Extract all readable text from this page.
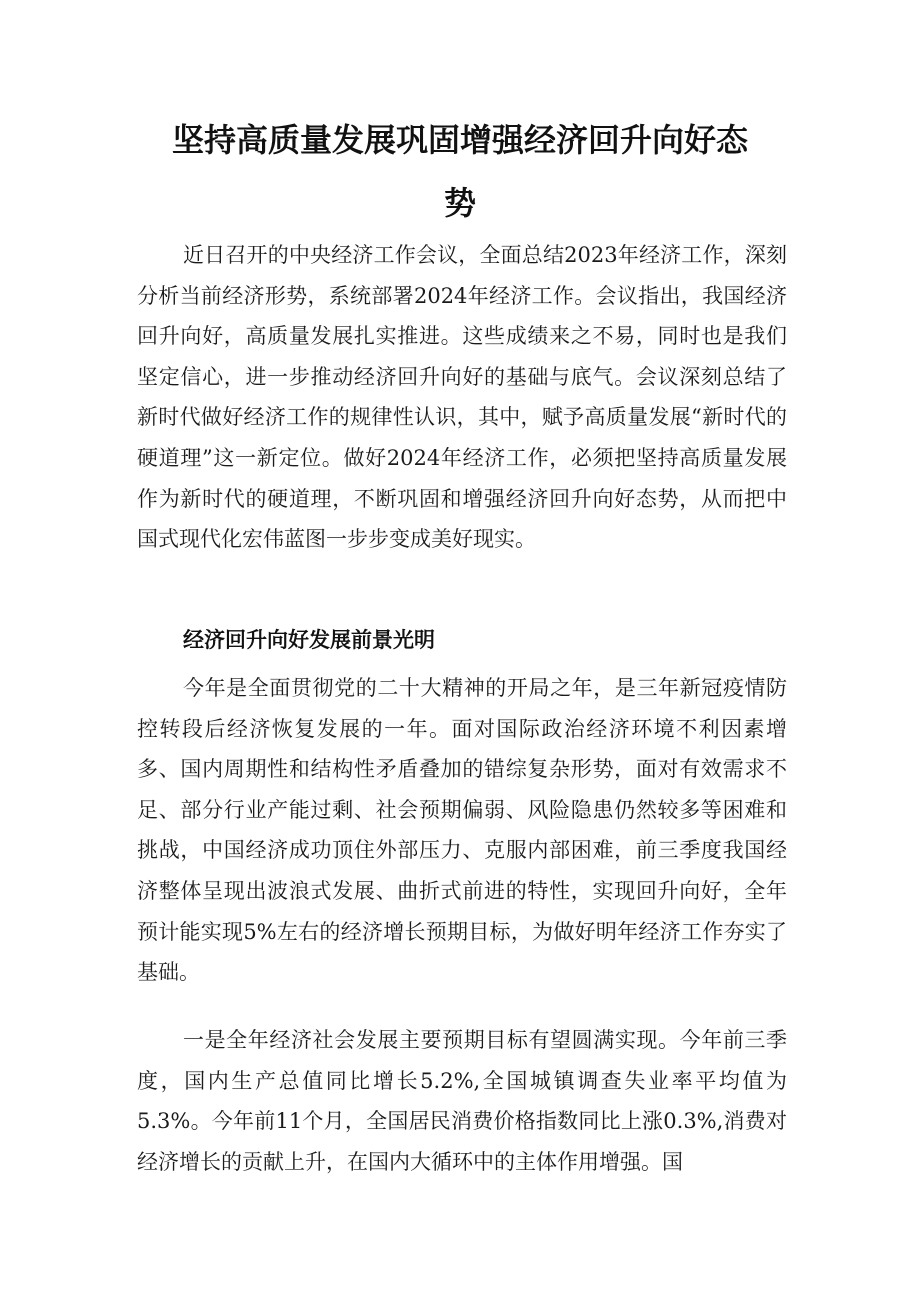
坚持高质量发展巩固增强经济回升向好态
势

近日召开的中央经济工作会议，全面总结2023年经济工作，深刻分析当前经济形势，系统部署2024年经济工作。会议指出，我国经济回升向好，高质量发展扎实推进。这些成绩来之不易，同时也是我们坚定信心，进一步推动经济回升向好的基础与底气。会议深刻总结了新时代做好经济工作的规律性认识，其中，赋予高质量发展“新时代的硬道理”这一新定位。做好2024年经济工作，必须把坚持高质量发展作为新时代的硬道理，不断巩固和增强经济回升向好态势，从而把中国式现代化宏伟蓝图一步步变成美好现实。

经济回升向好发展前景光明

今年是全面贯彻党的二十大精神的开局之年，是三年新冠疫情防控转段后经济恢复发展的一年。面对国际政治经济环境不利因素增多、国内周期性和结构性矛盾叠加的错综复杂形势，面对有效需求不足、部分行业产能过剩、社会预期偏弱、风险隐患仍然较多等困难和挑战，中国经济成功顶住外部压力、克服内部困难，前三季度我国经济整体呈现出波浪式发展、曲折式前进的特性，实现回升向好，全年预计能实现5%左右的经济增长预期目标，为做好明年经济工作夯实了基础。

一是全年经济社会发展主要预期目标有望圆满实现。今年前三季度，国内生产总值同比增长5.2%,全国城镇调查失业率平均值为5.3%。今年前11个月，全国居民消费价格指数同比上涨0.3%,消费对经济增长的贡献上升，在国内大循环中的主体作用增强。国
